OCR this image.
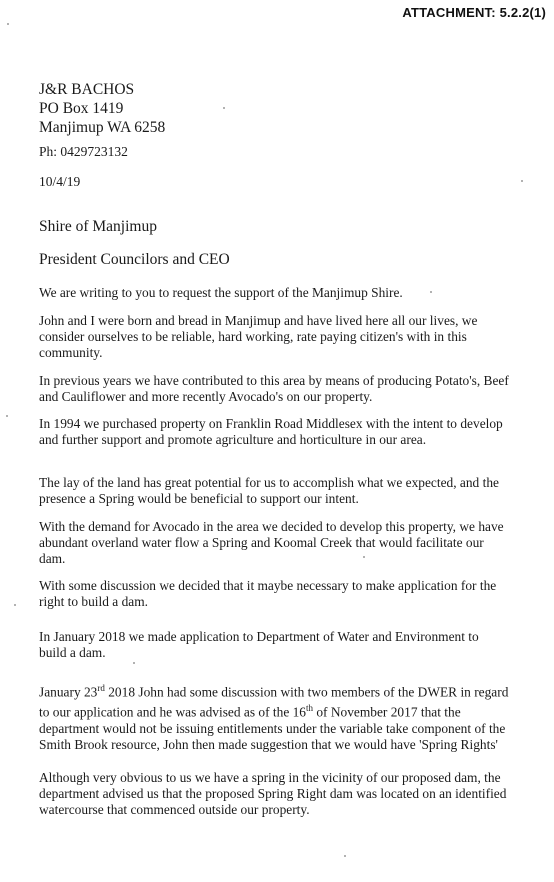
ATTACHMENT: 5.2.2(1)
J&R BACHOS
PO Box 1419
Manjimup WA 6258
Ph: 0429723132
10/4/19
Shire of Manjimup
President Councilors and CEO
We are writing to you to request the support of the Manjimup Shire.
John and I were born and bread in Manjimup and have lived here all our lives, we consider ourselves to be reliable, hard working, rate paying citizen's with in this community.
In previous years we have contributed to this area by means of producing Potato's, Beef and Cauliflower and more recently Avocado's on our property.
In 1994 we purchased property on Franklin Road Middlesex with the intent to develop and further support and promote agriculture and horticulture in our area.
The lay of the land has great potential for us to accomplish what we expected, and the presence a Spring would be beneficial to support our intent.
With the demand for Avocado in the area we decided to develop this property, we have abundant overland water flow a Spring and Koomal Creek that would facilitate our dam.
With some discussion we decided that it maybe necessary to make application for the right to build a dam.
In January 2018 we made application to Department of Water and Environment to build a dam.
January 23rd 2018 John had some discussion with two members of the DWER in regard to our application and he was advised as of the 16th of November 2017 that the department would not be issuing entitlements under the variable take component of the Smith Brook resource, John then made suggestion that we would have 'Spring Rights'
Although very obvious to us we have a spring in the vicinity of our proposed dam, the department advised us that the proposed Spring Right dam was located on an identified watercourse that commenced outside our property.
